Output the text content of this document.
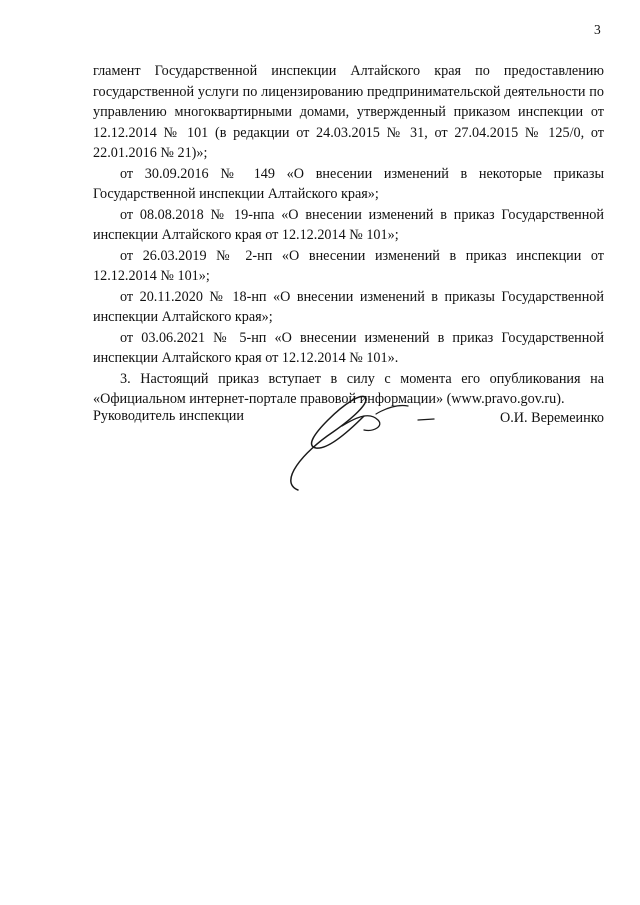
3

гламент Государственной инспекции Алтайского края по предоставлению государственной услуги по лицензированию предпринимательской деятельности по управлению многоквартирными домами, утвержденный приказом инспекции от 12.12.2014 № 101 (в редакции от 24.03.2015 № 31, от 27.04.2015 № 125/0, от 22.01.2016 № 21)»;

от 30.09.2016 № 149 «О внесении изменений в некоторые приказы Государственной инспекции Алтайского края»;

от 08.08.2018 № 19-нпа «О внесении изменений в приказ Государственной инспекции Алтайского края от 12.12.2014 № 101»;

от 26.03.2019 № 2-нп «О внесении изменений в приказ инспекции от 12.12.2014 № 101»;

от 20.11.2020 № 18-нп «О внесении изменений в приказы Государственной инспекции Алтайского края»;

от 03.06.2021 № 5-нп «О внесении изменений в приказ Государственной инспекции Алтайского края от 12.12.2014 № 101».

3. Настоящий приказ вступает в силу с момента его опубликования на «Официальном интернет-портале правовой информации» (www.pravo.gov.ru).

Руководитель инспекции	О.И. Веремеинко
